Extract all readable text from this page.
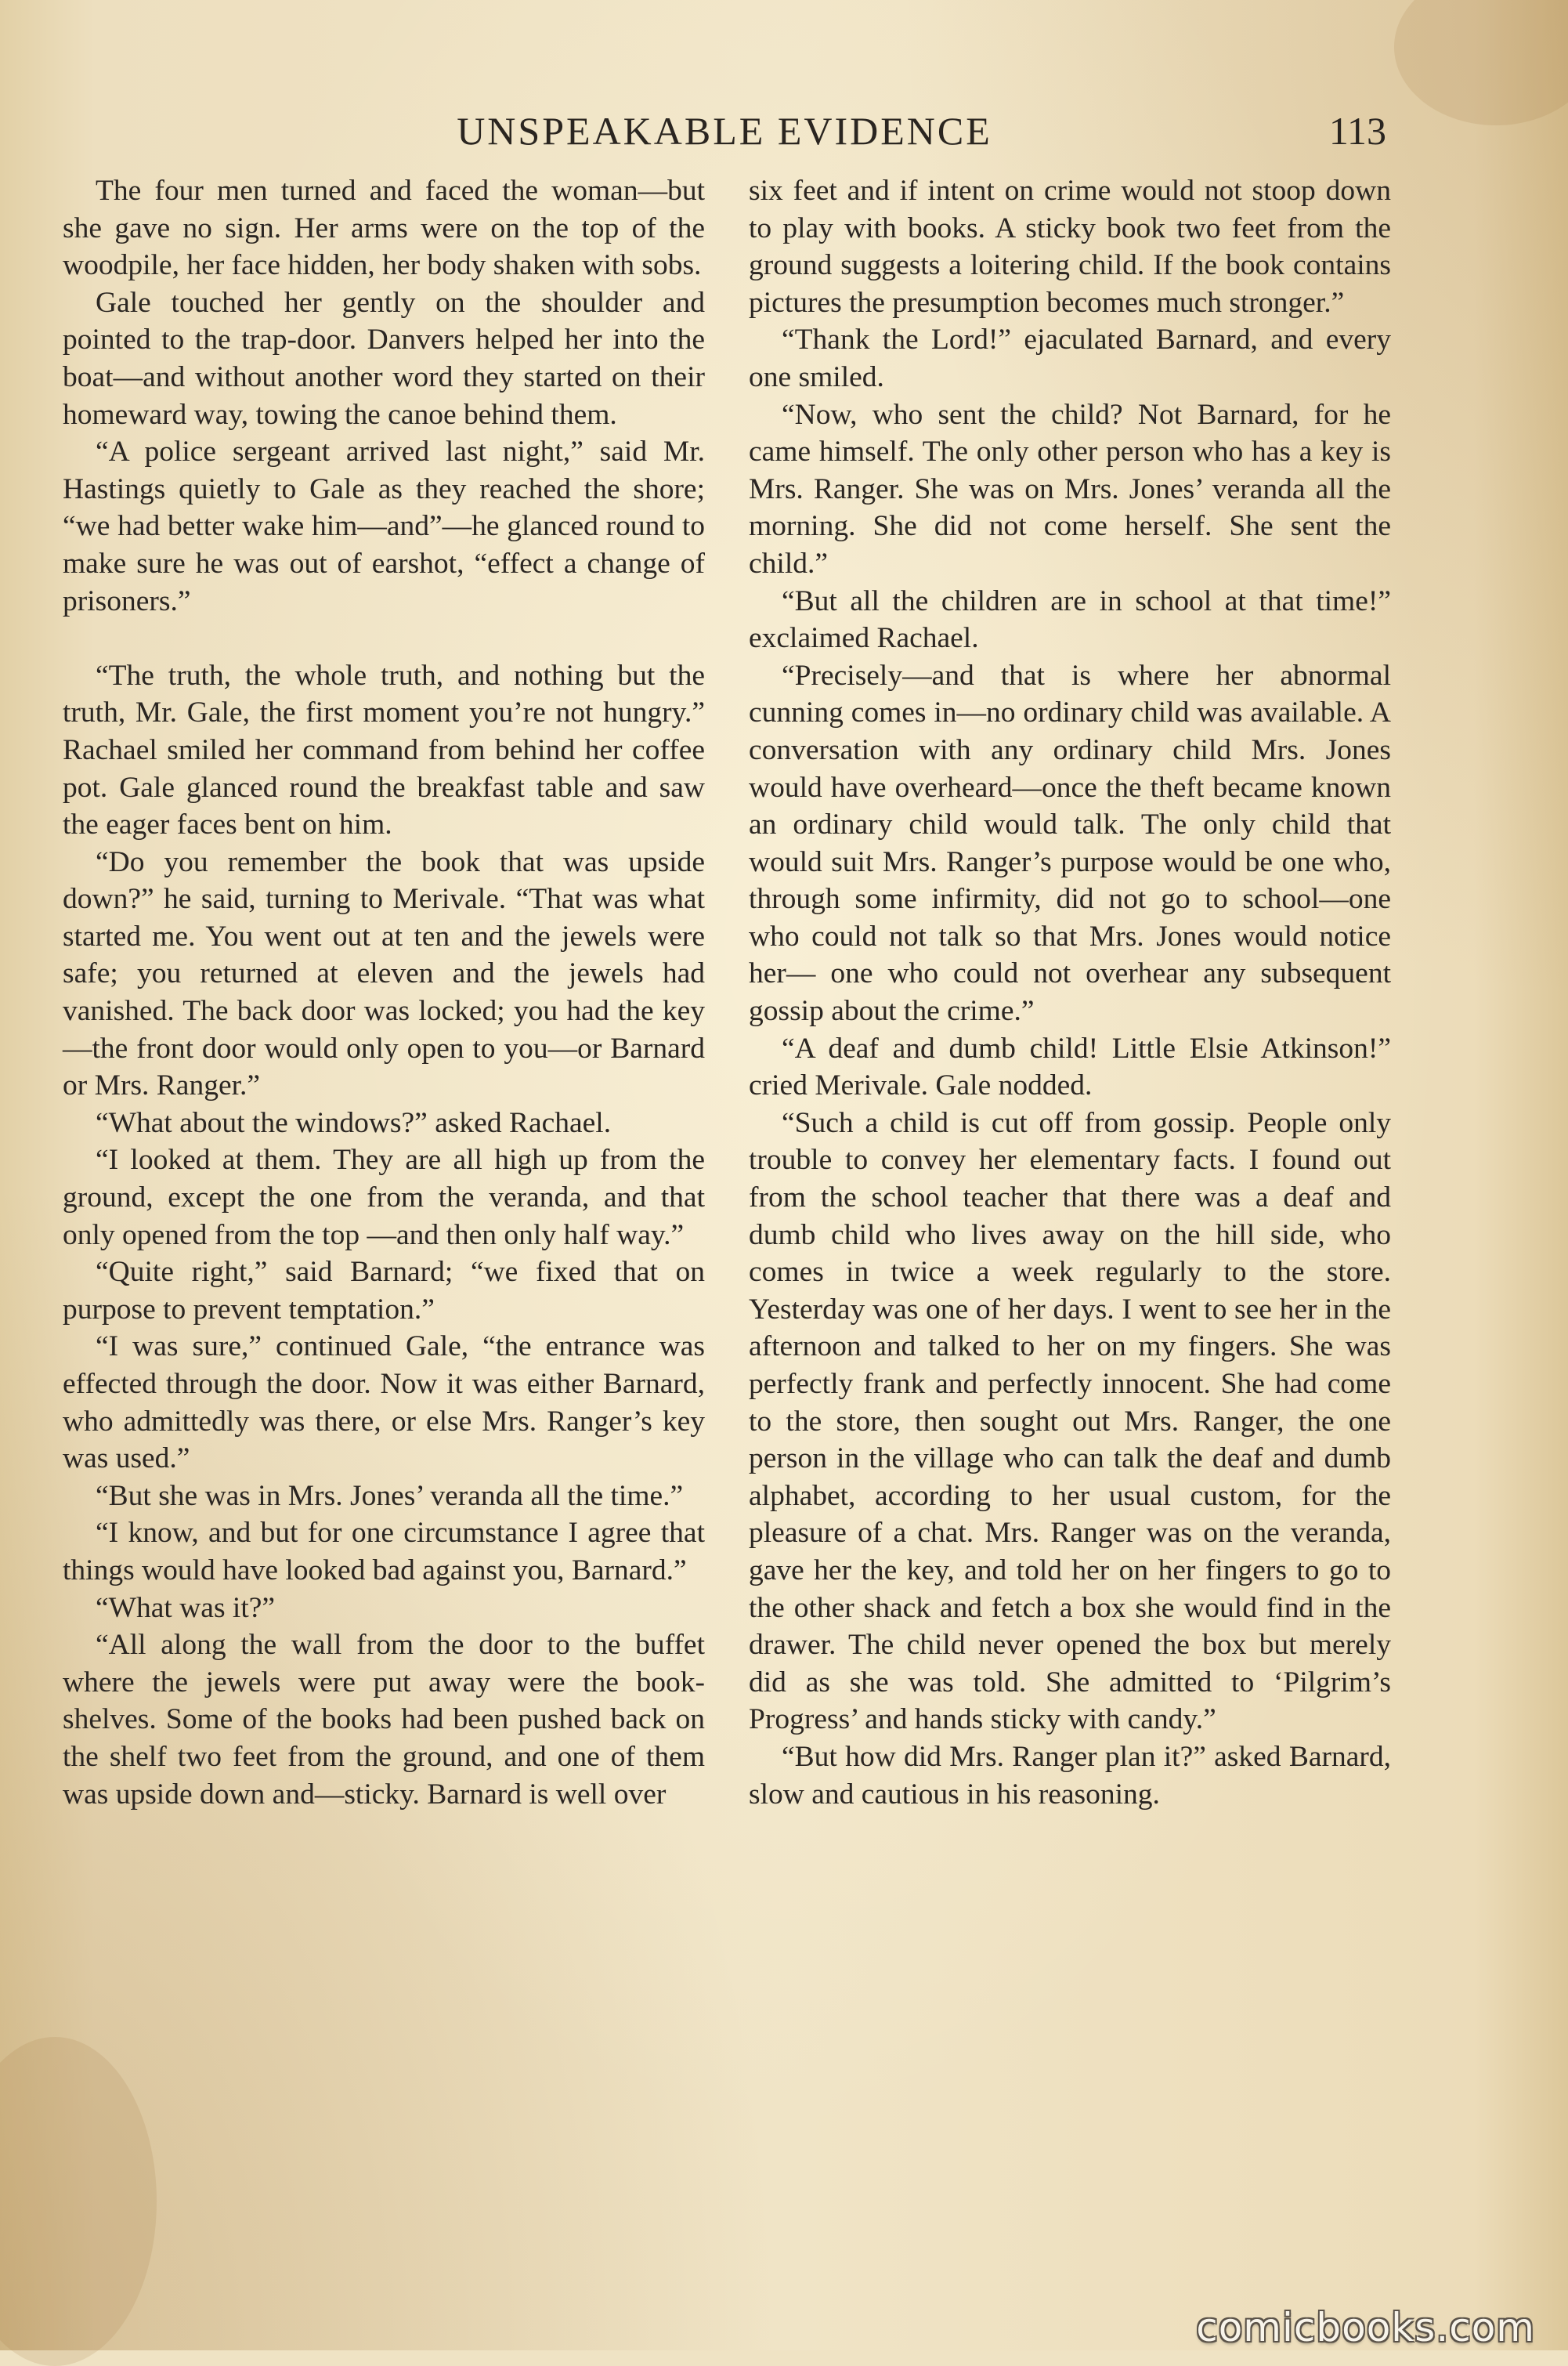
UNSPEAKABLE EVIDENCE	113

The four men turned and faced the woman—but she gave no sign. Her arms were on the top of the woodpile, her face hidden, her body shaken with sobs.

Gale touched her gently on the shoulder and pointed to the trap-door. Danvers helped her into the boat—and without another word they started on their homeward way, towing the canoe behind them.

“A police sergeant arrived last night,” said Mr. Hastings quietly to Gale as they reached the shore; “we had better wake him—and”—he glanced round to make sure he was out of earshot, “effect a change of prisoners.”

“The truth, the whole truth, and nothing but the truth, Mr. Gale, the first moment you’re not hungry.” Rachael smiled her command from behind her coffee pot. Gale glanced round the breakfast table and saw the eager faces bent on him.

“Do you remember the book that was upside down?” he said, turning to Merivale. “That was what started me. You went out at ten and the jewels were safe; you returned at eleven and the jewels had vanished. The back door was locked; you had the key—the front door would only open to you—or Barnard or Mrs. Ranger.”

“What about the windows?” asked Rachael.

“I looked at them. They are all high up from the ground, except the one from the veranda, and that only opened from the top —and then only half way.”

“Quite right,” said Barnard; “we fixed that on purpose to prevent temptation.”

“I was sure,” continued Gale, “the entrance was effected through the door. Now it was either Barnard, who admittedly was there, or else Mrs. Ranger’s key was used.”

“But she was in Mrs. Jones’ veranda all the time.”

“I know, and but for one circumstance I agree that things would have looked bad against you, Barnard.”

“What was it?”

“All along the wall from the door to the buffet where the jewels were put away were the book-shelves. Some of the books had been pushed back on the shelf two feet from the ground, and one of them was upside down and—sticky. Barnard is well over

six feet and if intent on crime would not stoop down to play with books. A sticky book two feet from the ground suggests a loitering child. If the book contains pictures the presumption becomes much stronger.”

“Thank the Lord!” ejaculated Barnard, and every one smiled.

“Now, who sent the child? Not Barnard, for he came himself. The only other person who has a key is Mrs. Ranger. She was on Mrs. Jones’ veranda all the morning. She did not come herself. She sent the child.”

“But all the children are in school at that time!” exclaimed Rachael.

“Precisely—and that is where her abnormal cunning comes in—no ordinary child was available. A conversation with any ordinary child Mrs. Jones would have overheard—once the theft became known an ordinary child would talk. The only child that would suit Mrs. Ranger’s purpose would be one who, through some infirmity, did not go to school—one who could not talk so that Mrs. Jones would notice her— one who could not overhear any subsequent gossip about the crime.”

“A deaf and dumb child! Little Elsie Atkinson!” cried Merivale. Gale nodded.

“Such a child is cut off from gossip. People only trouble to convey her elementary facts. I found out from the school teacher that there was a deaf and dumb child who lives away on the hill side, who comes in twice a week regularly to the store. Yesterday was one of her days. I went to see her in the afternoon and talked to her on my fingers. She was perfectly frank and perfectly innocent. She had come to the store, then sought out Mrs. Ranger, the one person in the village who can talk the deaf and dumb alphabet, according to her usual custom, for the pleasure of a chat. Mrs. Ranger was on the veranda, gave her the key, and told her on her fingers to go to the other shack and fetch a box she would find in the drawer. The child never opened the box but merely did as she was told. She admitted to ‘Pilgrim’s Progress’ and hands sticky with candy.”

“But how did Mrs. Ranger plan it?” asked Barnard, slow and cautious in his reasoning.

comicbooks.com
